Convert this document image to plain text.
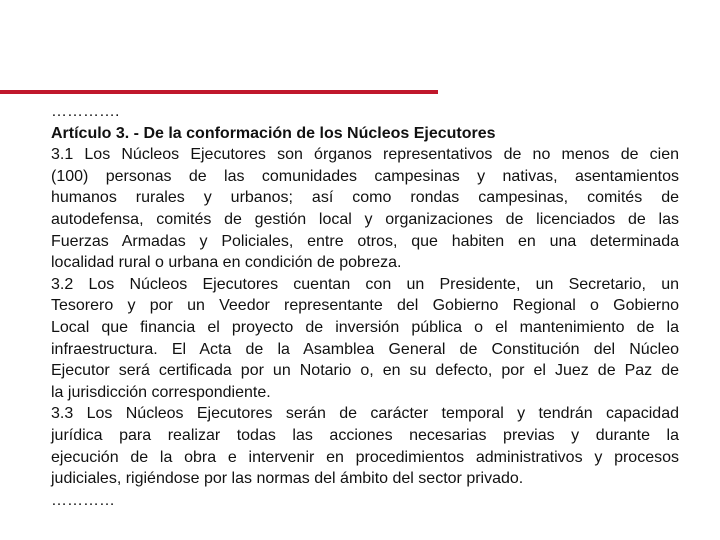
………….
Artículo 3. - De la conformación de los Núcleos Ejecutores
3.1 Los Núcleos Ejecutores son órganos representativos de no menos de cien
(100) personas de las comunidades campesinas y nativas, asentamientos
humanos rurales y urbanos; así como rondas campesinas, comités de
autodefensa, comités de gestión local y organizaciones de licenciados de las
Fuerzas Armadas y Policiales, entre otros, que habiten en una determinada
localidad rural o urbana en condición de pobreza.
3.2 Los Núcleos Ejecutores cuentan con un Presidente, un Secretario, un
Tesorero y por un Veedor representante del Gobierno Regional o Gobierno
Local que financia el proyecto de inversión pública o el mantenimiento de la
infraestructura. El Acta de la Asamblea General de Constitución del Núcleo
Ejecutor será certificada por un Notario o, en su defecto, por el Juez de Paz de
la jurisdicción correspondiente.
3.3 Los Núcleos Ejecutores serán de carácter temporal y tendrán capacidad
jurídica para realizar todas las acciones necesarias previas y durante la
ejecución de la obra e intervenir en procedimientos administrativos y procesos
judiciales, rigiéndose por las normas del ámbito del sector privado.
…………
